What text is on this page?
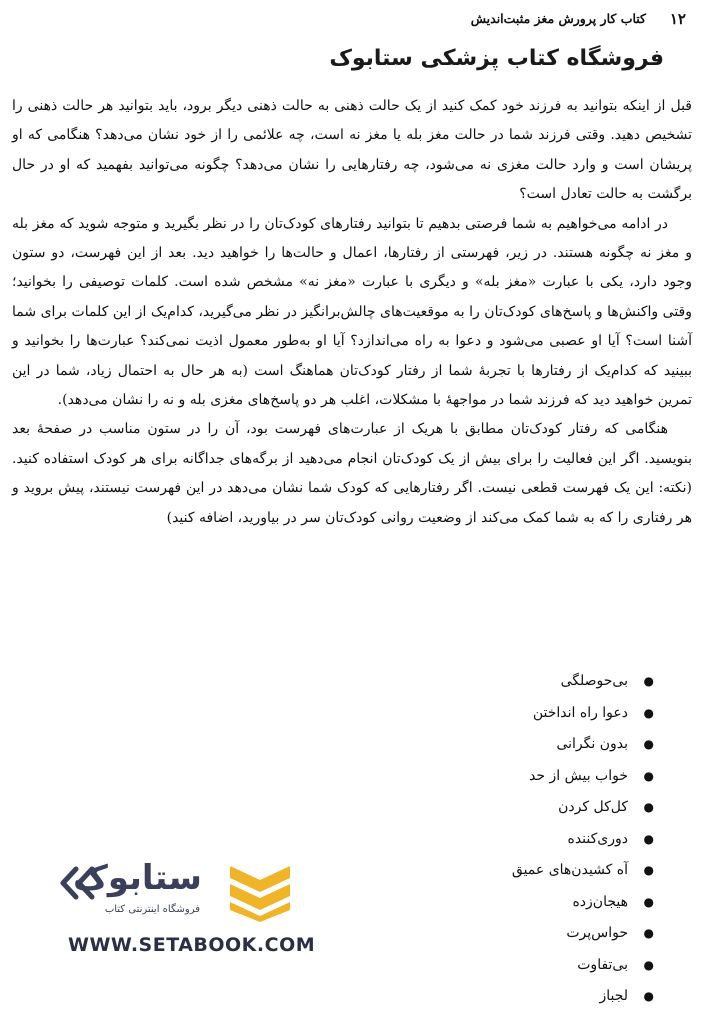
۱۲
کتاب کار پرورش مغز مثبت‌اندیش
فروشگاه کتاب پزشکی ستابوک

قبل از اینکه بتوانید به فرزند خود کمک کنید از یک حالت ذهنی به حالت ذهنی دیگر برود، باید بتوانید هر حالت ذهنی را تشخیص دهید. وقتی فرزند شما در حالت مغز بله یا مغز نه است، چه علائمی را از خود نشان می‌دهد؟ هنگامی که او پریشان است و وارد حالت مغزی نه می‌شود، چه رفتارهایی را نشان می‌دهد؟ چگونه می‌توانید بفهمید که او در حال برگشت به حالت تعادل است؟

در ادامه می‌خواهیم به شما فرصتی بدهیم تا بتوانید رفتارهای کودک‌تان را در نظر بگیرید و متوجه شوید که مغز بله و مغز نه چگونه هستند. در زیر، فهرستی از رفتارها، اعمال و حالت‌ها را خواهید دید. بعد از این فهرست، دو ستون وجود دارد، یکی با عبارت «مغز بله» و دیگری با عبارت «مغز نه» مشخص شده است. کلمات توصیفی را بخوانید؛ وقتی واکنش‌ها و پاسخ‌های کودک‌تان را به موقعیت‌های چالش‌برانگیز در نظر می‌گیرید، کدام‌یک از این کلمات برای شما آشنا است؟ آیا او عصبی می‌شود و دعوا به راه می‌اندازد؟ آیا او به‌طور معمول اذیت نمی‌کند؟ عبارت‌ها را بخوانید و ببینید که کدام‌یک از رفتارها با تجربهٔ شما از رفتار کودک‌تان هماهنگ است (به هر حال به احتمال زیاد، شما در این تمرین خواهید دید که فرزند شما در مواجههٔ با مشکلات، اغلب هر دو پاسخ‌های مغزی بله و نه را نشان می‌دهد).

هنگامی که رفتار کودک‌تان مطابق با هریک از عبارت‌های فهرست بود، آن را در ستون مناسب در صفحهٔ بعد بنویسید. اگر این فعالیت را برای بیش از یک کودک‌تان انجام می‌دهید از برگه‌های جداگانه برای هر کودک استفاده کنید. (نکته: این یک فهرست قطعی نیست. اگر رفتارهایی که کودک شما نشان می‌دهد در این فهرست نیستند، پیش بروید و هر رفتاری را که به شما کمک می‌کند از وضعیت روانی کودک‌تان سر در بیاورید، اضافه کنید)

●
بی‌حوصلگی
●
دعوا راه انداختن
●
بدون نگرانی
●
خواب بیش از حد
●
کل‌کل کردن
●
دوری‌کننده
●
آه کشیدن‌های عمیق
●
هیجان‌زده
●
حواس‌پرت
●
بی‌تفاوت
●
لجباز
ستابوک
فروشگاه اینترنتی کتاب
WWW.SETABOOK.COM
